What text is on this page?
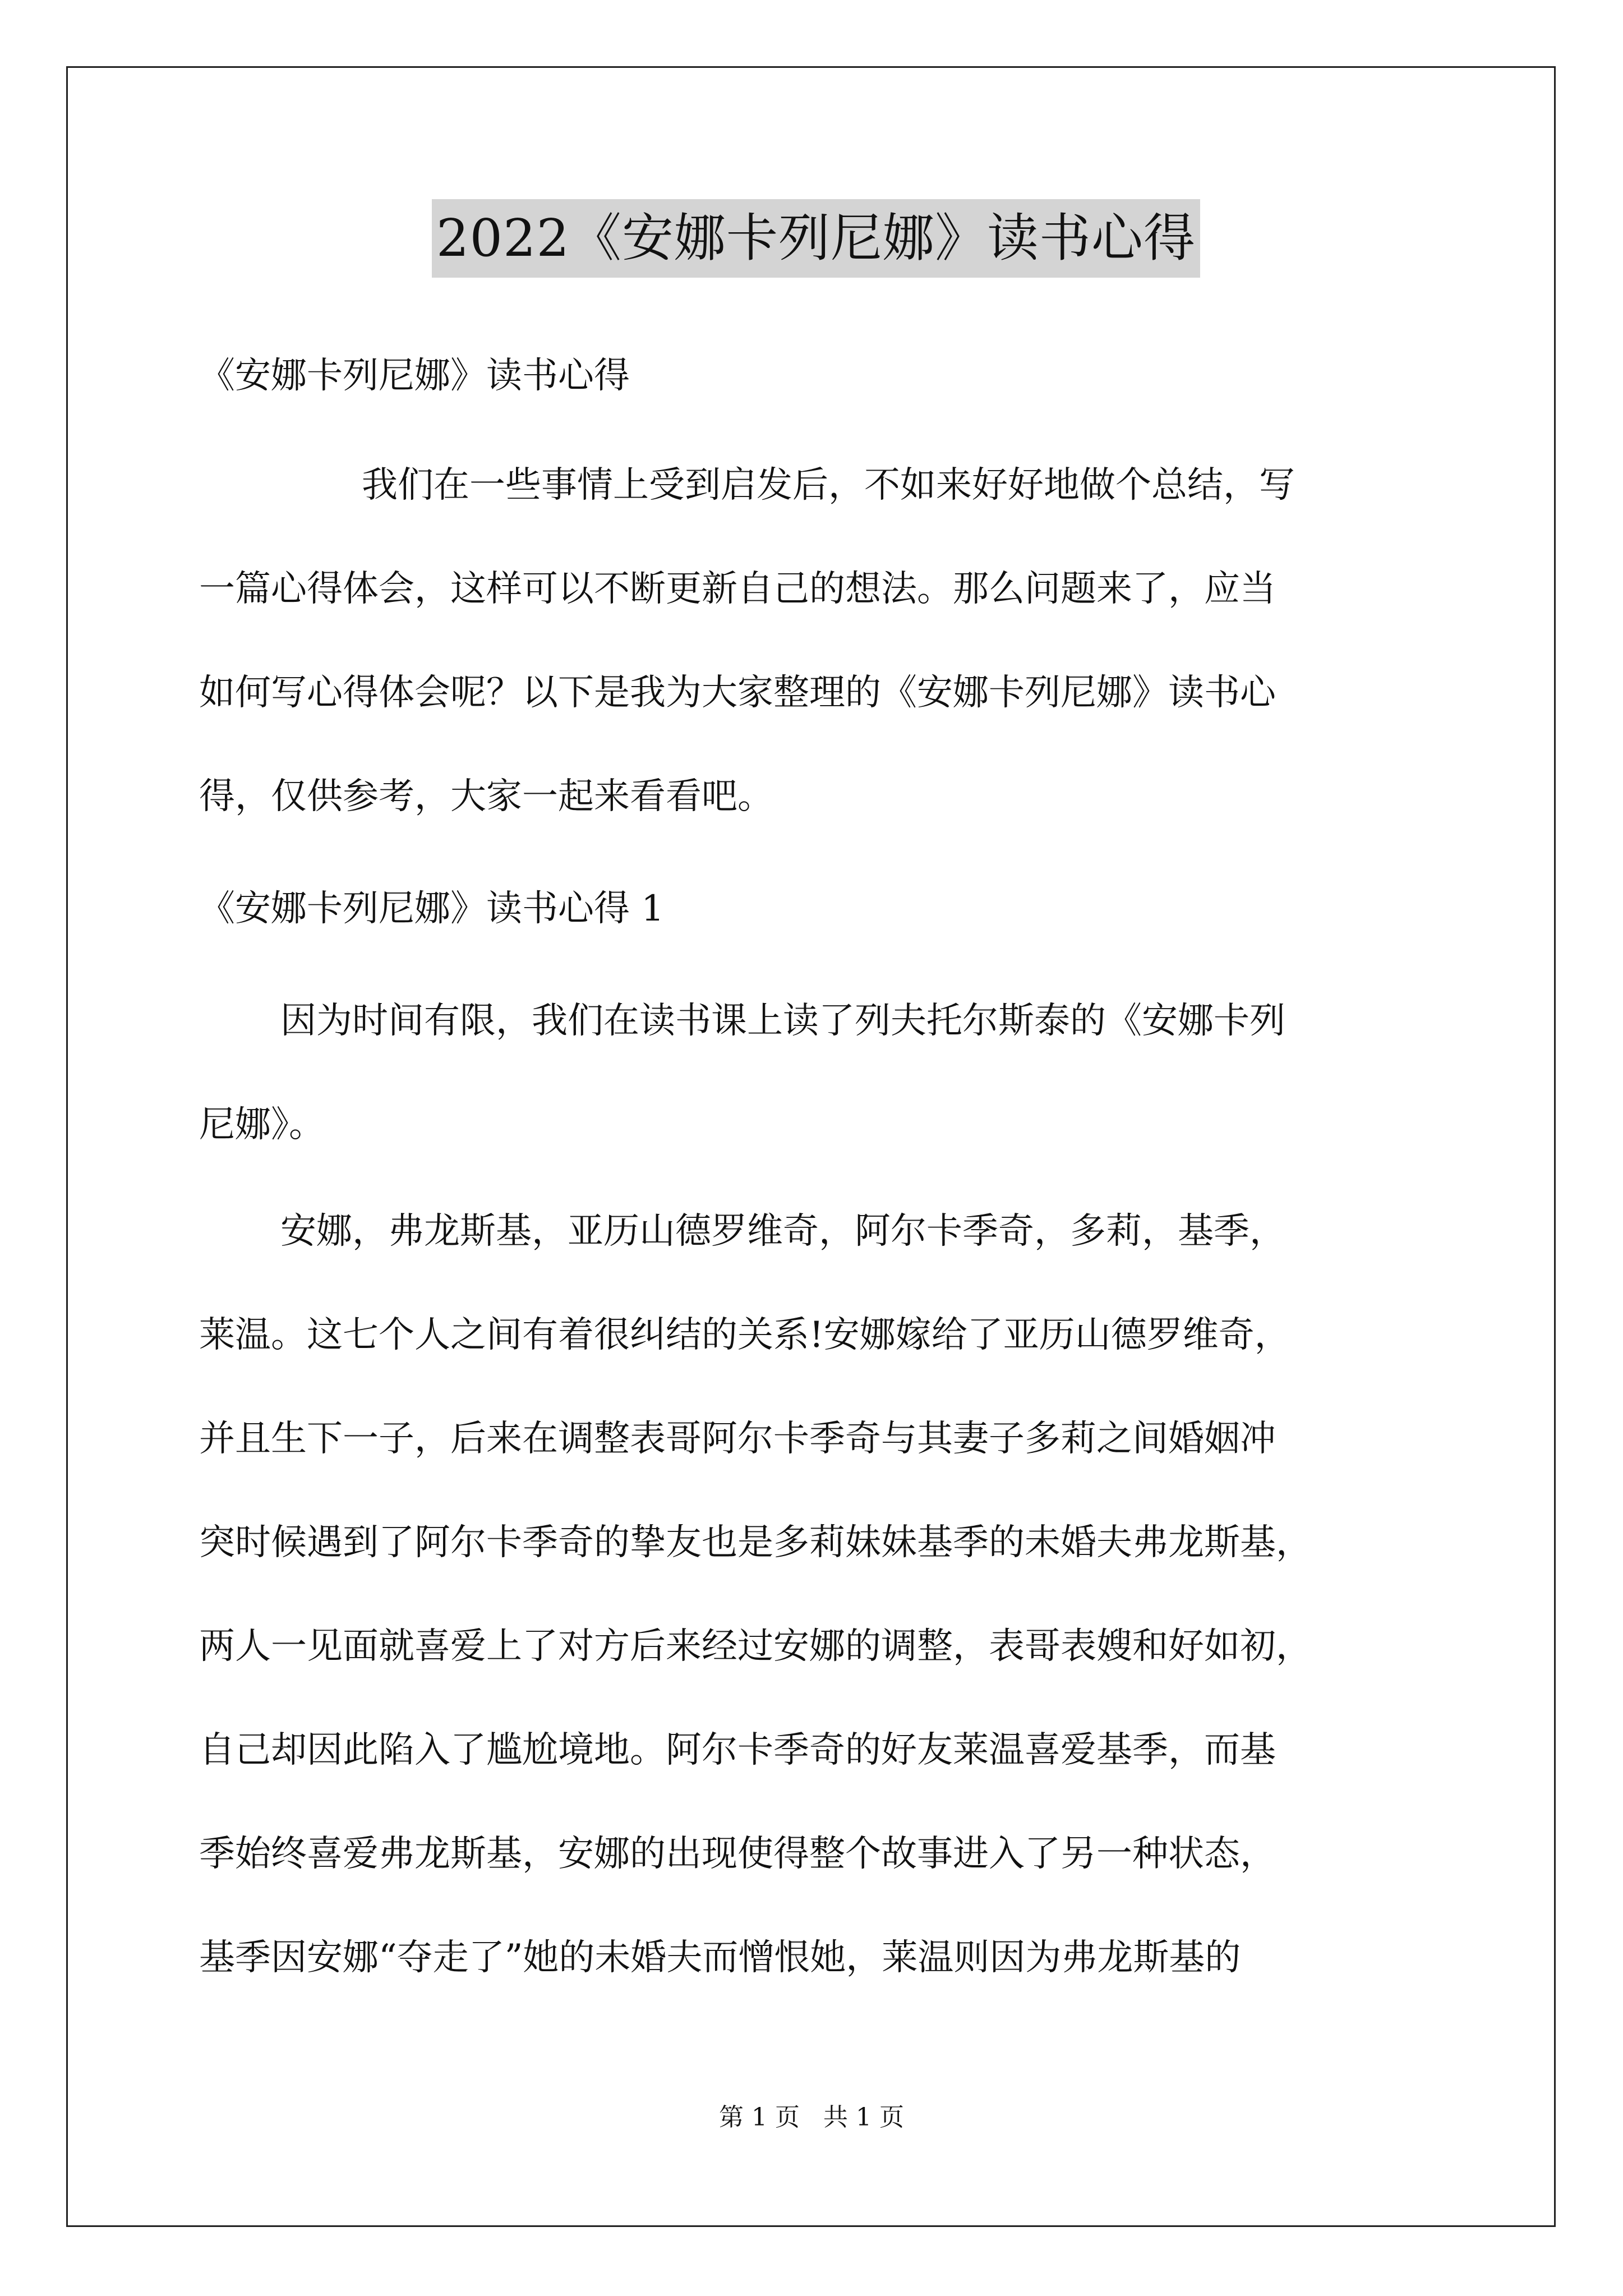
2022《安娜卡列尼娜》读书心得
《安娜卡列尼娜》读书心得
我们在一些事情上受到启发后，不如来好好地做个总结，写
一篇心得体会，这样可以不断更新自己的想法。那么问题来了，应当
如何写心得体会呢？以下是我为大家整理的《安娜卡列尼娜》读书心
得，仅供参考，大家一起来看看吧。
《安娜卡列尼娜》读书心得 1
因为时间有限，我们在读书课上读了列夫托尔斯泰的《安娜卡列
尼娜》。
安娜，弗龙斯基，亚历山德罗维奇，阿尔卡季奇，多莉，基季，
莱温。这七个人之间有着很纠结的关系!安娜嫁给了亚历山德罗维奇，
并且生下一子，后来在调整表哥阿尔卡季奇与其妻子多莉之间婚姻冲
突时候遇到了阿尔卡季奇的挚友也是多莉妹妹基季的未婚夫弗龙斯基，
两人一见面就喜爱上了对方后来经过安娜的调整，表哥表嫂和好如初，
自己却因此陷入了尴尬境地。阿尔卡季奇的好友莱温喜爱基季，而基
季始终喜爱弗龙斯基，安娜的出现使得整个故事进入了另一种状态，
基季因安娜“夺走了”她的未婚夫而憎恨她，莱温则因为弗龙斯基的
第 1 页   共 1 页
